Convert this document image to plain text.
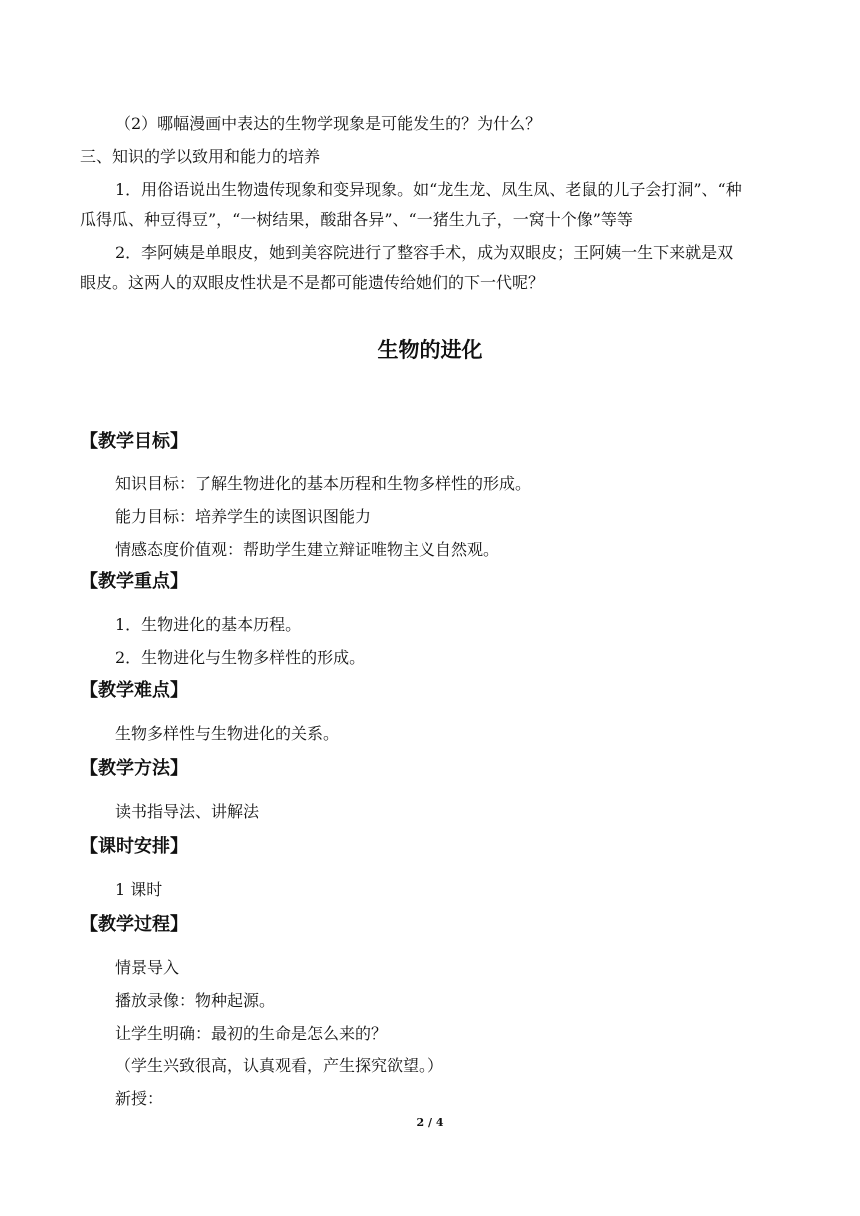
（2）哪幅漫画中表达的生物学现象是可能发生的？为什么？
三、知识的学以致用和能力的培养
1．用俗语说出生物遗传现象和变异现象。如“龙生龙、凤生凤、老鼠的儿子会打洞”、“种
瓜得瓜、种豆得豆”，“一树结果，酸甜各异”、“一猪生九子，一窝十个像”等等
2．李阿姨是单眼皮，她到美容院进行了整容手术，成为双眼皮；王阿姨一生下来就是双
眼皮。这两人的双眼皮性状是不是都可能遗传给她们的下一代呢？
生物的进化
【教学目标】
知识目标：了解生物进化的基本历程和生物多样性的形成。
能力目标：培养学生的读图识图能力
情感态度价值观：帮助学生建立辩证唯物主义自然观。
【教学重点】
1．生物进化的基本历程。
2．生物进化与生物多样性的形成。
【教学难点】
生物多样性与生物进化的关系。
【教学方法】
读书指导法、讲解法
【课时安排】
1 课时
【教学过程】
情景导入
播放录像：物种起源。
让学生明确：最初的生命是怎么来的？
（学生兴致很高，认真观看，产生探究欲望。）
新授：
2 / 4
